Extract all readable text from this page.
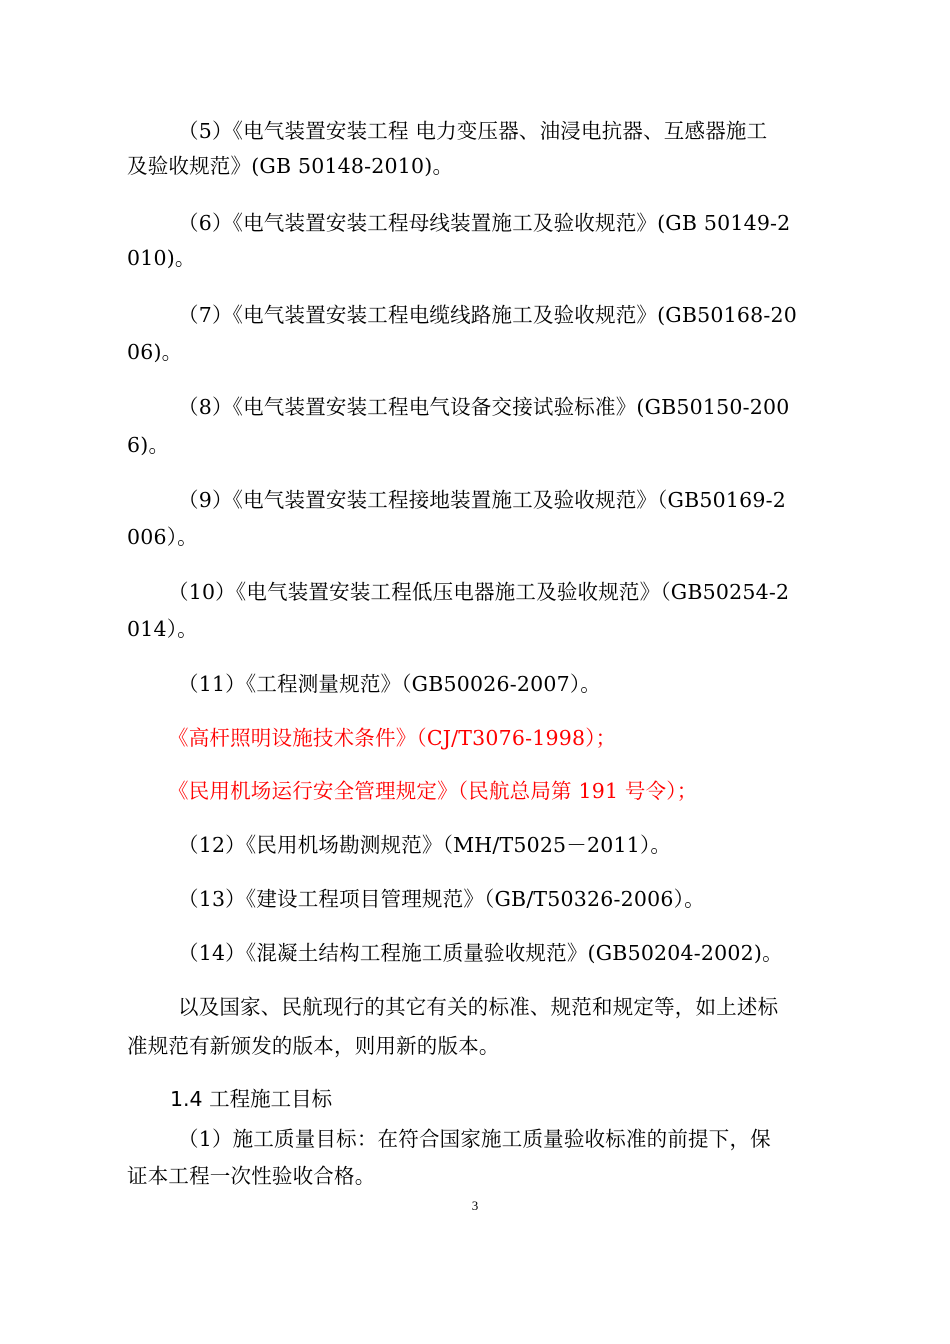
（5）《电气装置安装工程 电力变压器、油浸电抗器、互感器施工
及验收规范》(GB 50148-2010)。
（6）《电气装置安装工程母线装置施工及验收规范》(GB 50149-2
010)。
（7）《电气装置安装工程电缆线路施工及验收规范》(GB50168-20
06)。
（8）《电气装置安装工程电气设备交接试验标准》(GB50150-200
6)。
（9）《电气装置安装工程接地装置施工及验收规范》（GB50169-2
006）。
（10）《电气装置安装工程低压电器施工及验收规范》（GB50254-2
014）。
（11）《工程测量规范》（GB50026-2007）。
《高杆照明设施技术条件》（CJ/T3076-1998）；
《民用机场运行安全管理规定》（民航总局第 191 号令）；
（12）《民用机场勘测规范》（MH/T5025－2011）。
（13）《建设工程项目管理规范》（GB/T50326-2006）。
（14）《混凝土结构工程施工质量验收规范》(GB50204-2002)。
以及国家、民航现行的其它有关的标准、规范和规定等，如上述标
准规范有新颁发的版本，则用新的版本。
1.4 工程施工目标
（1）施工质量目标：在符合国家施工质量验收标准的前提下，保
证本工程一次性验收合格。
3
